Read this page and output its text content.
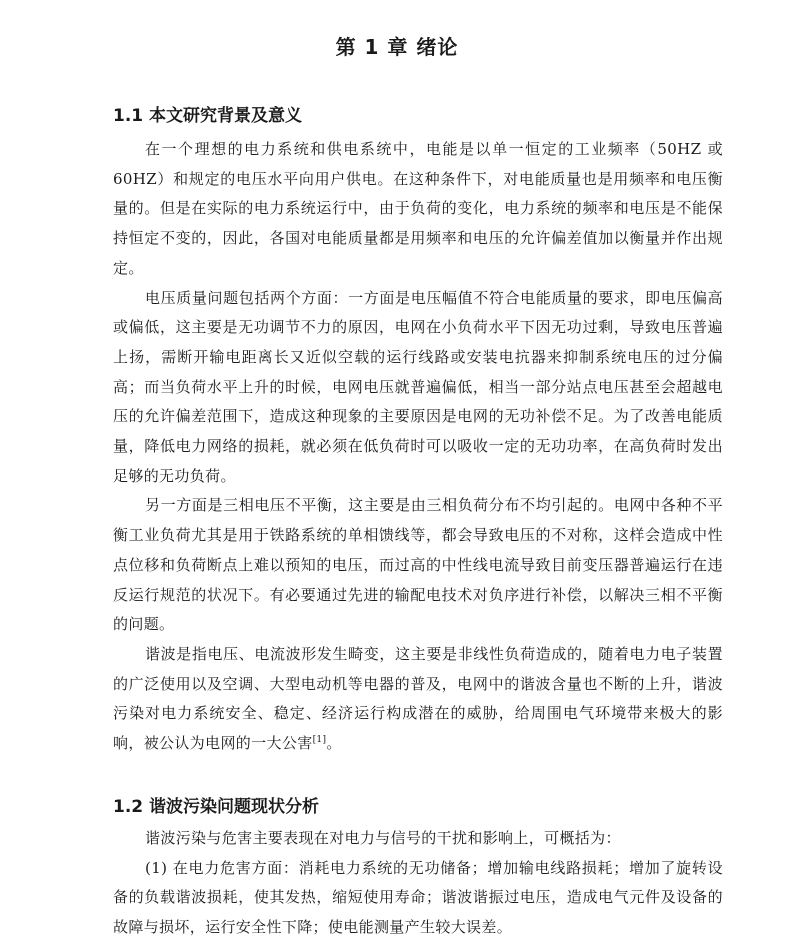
第 1 章 绪论
1.1 本文研究背景及意义

在一个理想的电力系统和供电系统中，电能是以单一恒定的工业频率（50HZ 或 60HZ）和规定的电压水平向用户供电。在这种条件下，对电能质量也是用频率和电压衡量的。但是在实际的电力系统运行中，由于负荷的变化，电力系统的频率和电压是不能保持恒定不变的，因此，各国对电能质量都是用频率和电压的允许偏差值加以衡量并作出规定。

电压质量问题包括两个方面：一方面是电压幅值不符合电能质量的要求，即电压偏高或偏低，这主要是无功调节不力的原因，电网在小负荷水平下因无功过剩，导致电压普遍上扬，需断开输电距离长又近似空载的运行线路或安装电抗器来抑制系统电压的过分偏高；而当负荷水平上升的时候，电网电压就普遍偏低，相当一部分站点电压甚至会超越电压的允许偏差范围下，造成这种现象的主要原因是电网的无功补偿不足。为了改善电能质量，降低电力网络的损耗，就必须在低负荷时可以吸收一定的无功功率，在高负荷时发出足够的无功负荷。

另一方面是三相电压不平衡，这主要是由三相负荷分布不均引起的。电网中各种不平衡工业负荷尤其是用于铁路系统的单相馈线等，都会导致电压的不对称，这样会造成中性点位移和负荷断点上难以预知的电压，而过高的中性线电流导致目前变压器普遍运行在违反运行规范的状况下。有必要通过先进的输配电技术对负序进行补偿，以解决三相不平衡的问题。

谐波是指电压、电流波形发生畸变，这主要是非线性负荷造成的，随着电力电子装置的广泛使用以及空调、大型电动机等电器的普及，电网中的谐波含量也不断的上升，谐波污染对电力系统安全、稳定、经济运行构成潜在的威胁，给周围电气环境带来极大的影响，被公认为电网的一大公害[1]。

1.2 谐波污染问题现状分析

谐波污染与危害主要表现在对电力与信号的干扰和影响上，可概括为：

(1) 在电力危害方面：消耗电力系统的无功储备；增加输电线路损耗；增加了旋转设备的负载谐波损耗，使其发热，缩短使用寿命；谐波谐振过电压，造成电气元件及设备的故障与损坏，运行安全性下降；使电能测量产生较大误差。
